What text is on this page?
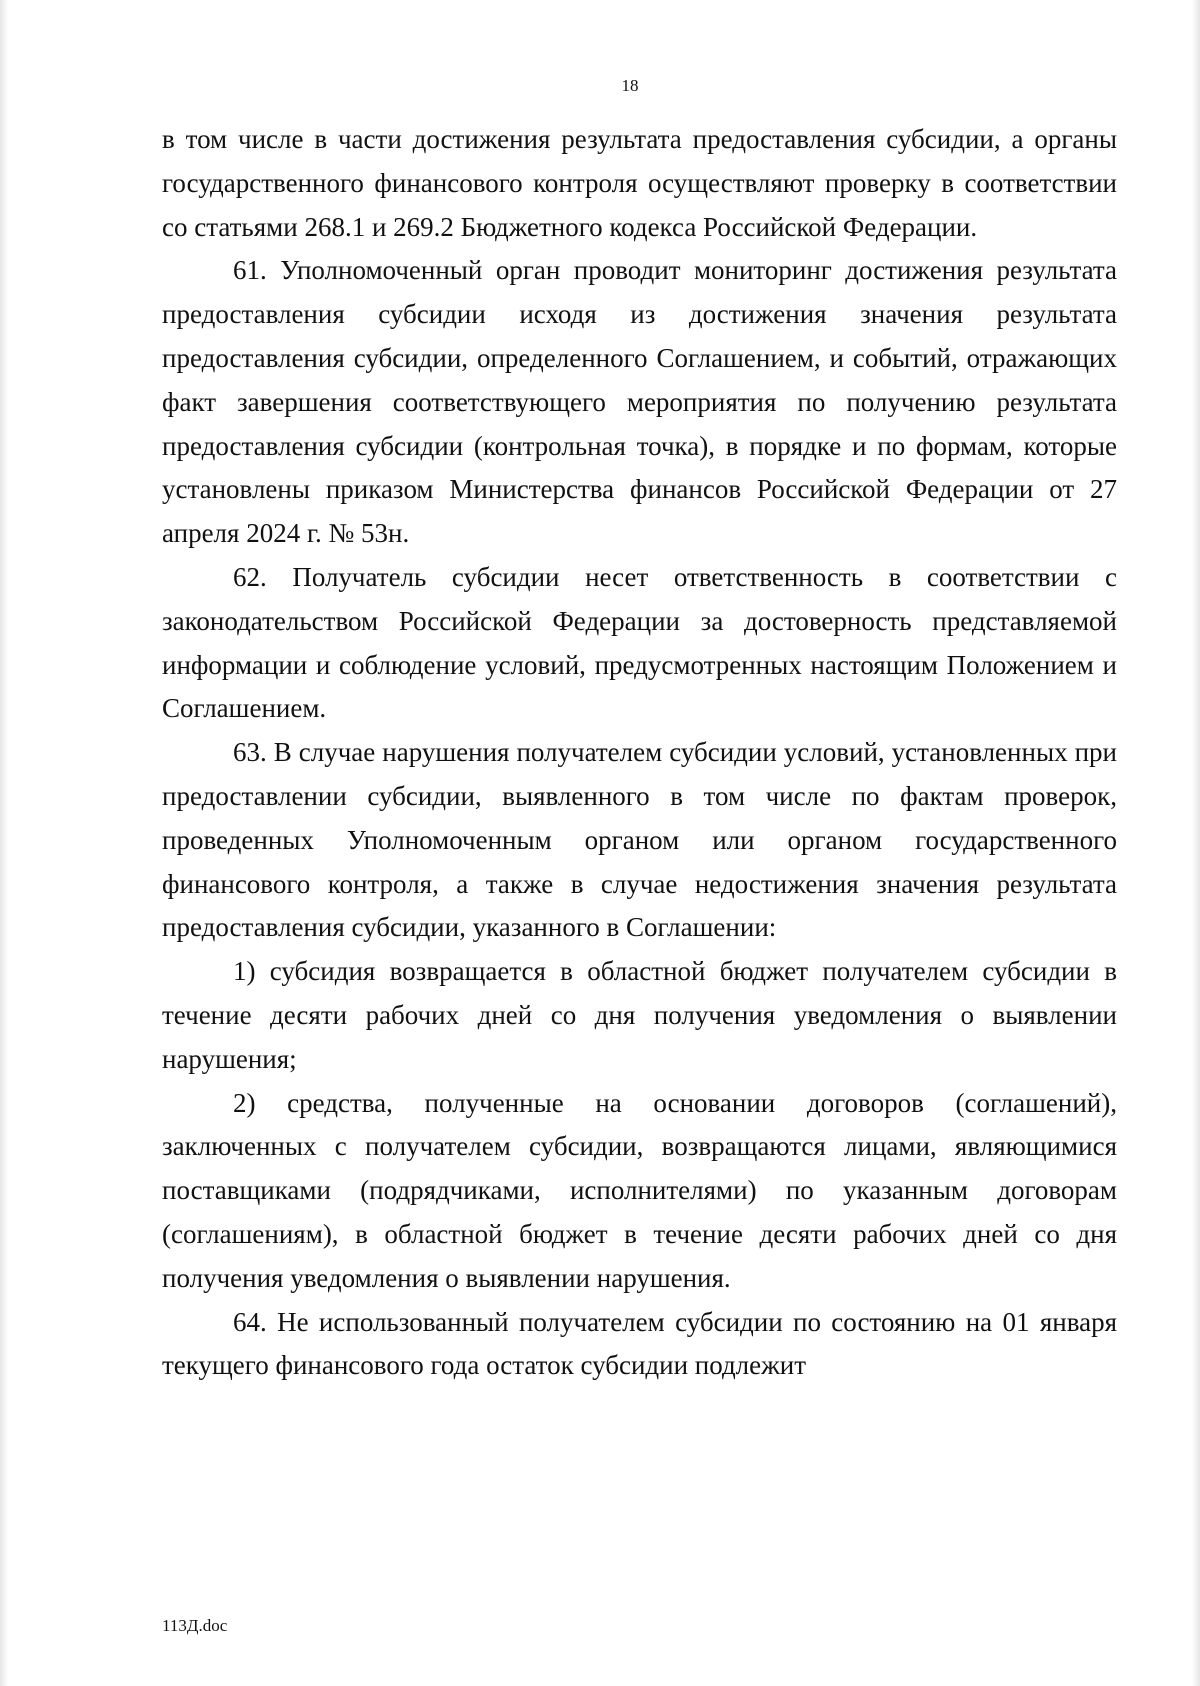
18

в том числе в части достижения результата предоставления субсидии, а органы государственного финансового контроля осуществляют проверку в соответствии со статьями 268.1 и 269.2 Бюджетного кодекса Российской Федерации.

61. Уполномоченный орган проводит мониторинг достижения результата предоставления субсидии исходя из достижения значения результата предоставления субсидии, определенного Соглашением, и событий, отражающих факт завершения соответствующего мероприятия по получению результата предоставления субсидии (контрольная точка), в порядке и по формам, которые установлены приказом Министерства финансов Российской Федерации от 27 апреля 2024 г. № 53н.

62. Получатель субсидии несет ответственность в соответствии с законодательством Российской Федерации за достоверность представляемой информации и соблюдение условий, предусмотренных настоящим Положением и Соглашением.

63. В случае нарушения получателем субсидии условий, установленных при предоставлении субсидии, выявленного в том числе по фактам проверок, проведенных Уполномоченным органом или органом государственного финансового контроля, а также в случае недостижения значения результата предоставления субсидии, указанного в Соглашении:

1) субсидия возвращается в областной бюджет получателем субсидии в течение десяти рабочих дней со дня получения уведомления о выявлении нарушения;

2) средства, полученные на основании договоров (соглашений), заключенных с получателем субсидии, возвращаются лицами, являющимися поставщиками (подрядчиками, исполнителями) по указанным договорам (соглашениям), в областной бюджет в течение десяти рабочих дней со дня получения уведомления о выявлении нарушения.

64. Не использованный получателем субсидии по состоянию на 01 января текущего финансового года остаток субсидии подлежит

113Д.doc
